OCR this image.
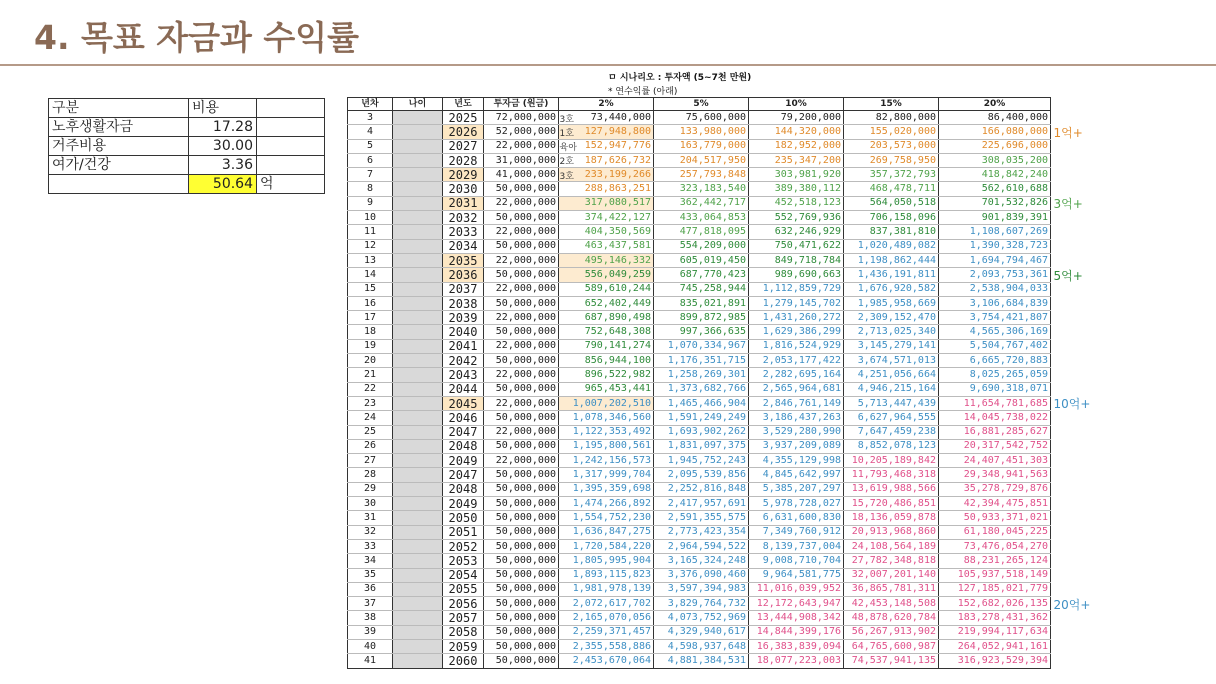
4. 목표 자금과 수익률
구분	비용	
노후생활자금	17.28	
거주비용	30.00	
여가/건강	3.36	
	50.64	억
ㅁ 시나리오 : 투자액 (5~7천 만원)
* 연수익률 (아래)
년차	나이	년도	투자금 (원금)	2%	5%	10%	15%	20%
3		2025	72,000,000	73,440,000	75,600,000	79,200,000	82,800,000	86,400,000
4		2026	52,000,000	127,948,800	133,980,000	144,320,000	155,020,000	166,080,000
5		2027	22,000,000	152,947,776	163,779,000	182,952,000	203,573,000	225,696,000
6		2028	31,000,000	187,626,732	204,517,950	235,347,200	269,758,950	308,035,200
7		2029	41,000,000	233,199,266	257,793,848	303,981,920	357,372,793	418,842,240
8		2030	50,000,000	288,863,251	323,183,540	389,380,112	468,478,711	562,610,688
9		2031	22,000,000	317,080,517	362,442,717	452,518,123	564,050,518	701,532,826
10		2032	50,000,000	374,422,127	433,064,853	552,769,936	706,158,096	901,839,391
11		2033	22,000,000	404,350,569	477,818,095	632,246,929	837,381,810	1,108,607,269
12		2034	50,000,000	463,437,581	554,209,000	750,471,622	1,020,489,082	1,390,328,723
13		2035	22,000,000	495,146,332	605,019,450	849,718,784	1,198,862,444	1,694,794,467
14		2036	50,000,000	556,049,259	687,770,423	989,690,663	1,436,191,811	2,093,753,361
15		2037	22,000,000	589,610,244	745,258,944	1,112,859,729	1,676,920,582	2,538,904,033
16		2038	50,000,000	652,402,449	835,021,891	1,279,145,702	1,985,958,669	3,106,684,839
17		2039	22,000,000	687,890,498	899,872,985	1,431,260,272	2,309,152,470	3,754,421,807
18		2040	50,000,000	752,648,308	997,366,635	1,629,386,299	2,713,025,340	4,565,306,169
19		2041	22,000,000	790,141,274	1,070,334,967	1,816,524,929	3,145,279,141	5,504,767,402
20		2042	50,000,000	856,944,100	1,176,351,715	2,053,177,422	3,674,571,013	6,665,720,883
21		2043	22,000,000	896,522,982	1,258,269,301	2,282,695,164	4,251,056,664	8,025,265,059
22		2044	50,000,000	965,453,441	1,373,682,766	2,565,964,681	4,946,215,164	9,690,318,071
23		2045	22,000,000	1,007,202,510	1,465,466,904	2,846,761,149	5,713,447,439	11,654,781,685
24		2046	50,000,000	1,078,346,560	1,591,249,249	3,186,437,263	6,627,964,555	14,045,738,022
25		2047	22,000,000	1,122,353,492	1,693,902,262	3,529,280,990	7,647,459,238	16,881,285,627
26		2048	50,000,000	1,195,800,561	1,831,097,375	3,937,209,089	8,852,078,123	20,317,542,752
27		2049	22,000,000	1,242,156,573	1,945,752,243	4,355,129,998	10,205,189,842	24,407,451,303
28		2047	50,000,000	1,317,999,704	2,095,539,856	4,845,642,997	11,793,468,318	29,348,941,563
29		2048	50,000,000	1,395,359,698	2,252,816,848	5,385,207,297	13,619,988,566	35,278,729,876
30		2049	50,000,000	1,474,266,892	2,417,957,691	5,978,728,027	15,720,486,851	42,394,475,851
31		2050	50,000,000	1,554,752,230	2,591,355,575	6,631,600,830	18,136,059,878	50,933,371,021
32		2051	50,000,000	1,636,847,275	2,773,423,354	7,349,760,912	20,913,968,860	61,180,045,225
33		2052	50,000,000	1,720,584,220	2,964,594,522	8,139,737,004	24,108,564,189	73,476,054,270
34		2053	50,000,000	1,805,995,904	3,165,324,248	9,008,710,704	27,782,348,818	88,231,265,124
35		2054	50,000,000	1,893,115,823	3,376,090,460	9,964,581,775	32,007,201,140	105,937,518,149
36		2055	50,000,000	1,981,978,139	3,597,394,983	11,016,039,952	36,865,781,311	127,185,021,779
37		2056	50,000,000	2,072,617,702	3,829,764,732	12,172,643,947	42,453,148,508	152,682,026,135
38		2057	50,000,000	2,165,070,056	4,073,752,969	13,444,908,342	48,878,620,784	183,278,431,362
39		2058	50,000,000	2,259,371,457	4,329,940,617	14,844,399,176	56,267,913,902	219,994,117,634
40		2059	50,000,000	2,355,558,886	4,598,937,648	16,383,839,094	64,765,600,987	264,052,941,161
41		2060	50,000,000	2,453,670,064	4,881,384,531	18,077,223,003	74,537,941,135	316,923,529,394
1억+
3억+
5억+
10억+
20억+
3호
1호
육아
2호
3호
